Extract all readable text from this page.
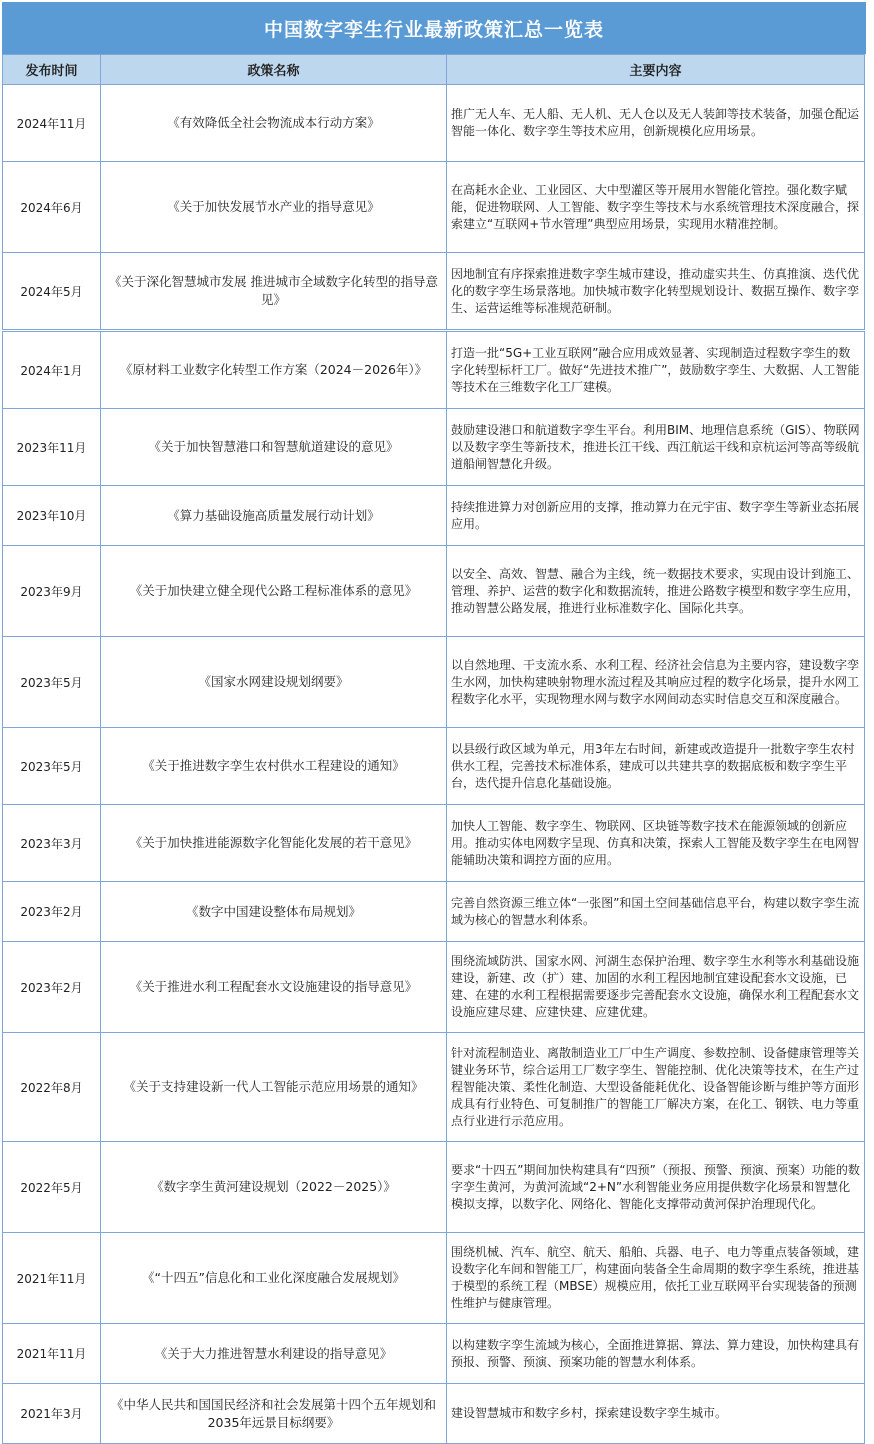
中国数字孪生行业最新政策汇总一览表
发布时间	政策名称	主要内容
2024年11月	《有效降低全社会物流成本行动方案》	推广无人车、无人船、无人机、无人仓以及无人装卸等技术装备，加强仓配运智能一体化、数字孪生等技术应用，创新规模化应用场景。
2024年6月	《关于加快发展节水产业的指导意见》	在高耗水企业、工业园区、大中型灌区等开展用水智能化管控。强化数字赋能，促进物联网、人工智能、数字孪生等技术与水系统管理技术深度融合，探索建立“互联网+节水管理”典型应用场景，实现用水精准控制。
2024年5月	《关于深化智慧城市发展 推进城市全域数字化转型的指导意见》	因地制宜有序探索推进数字孪生城市建设，推动虚实共生、仿真推演、迭代优化的数字孪生场景落地。加快城市数字化转型规划设计、数据互操作、数字孪生、运营运维等标准规范研制。
2024年1月	《原材料工业数字化转型工作方案（2024－2026年）》	打造一批“5G+工业互联网”融合应用成效显著、实现制造过程数字孪生的数字化转型标杆工厂。做好“先进技术推广”，鼓励数字孪生、大数据、人工智能等技术在三维数字化工厂建模。
2023年11月	《关于加快智慧港口和智慧航道建设的意见》	鼓励建设港口和航道数字孪生平台。利用BIM、地理信息系统（GIS）、物联网以及数字孪生等新技术，推进长江干线、西江航运干线和京杭运河等高等级航道船闸智慧化升级。
2023年10月	《算力基础设施高质量发展行动计划》	持续推进算力对创新应用的支撑，推动算力在元宇宙、数字孪生等新业态拓展应用。
2023年9月	《关于加快建立健全现代公路工程标准体系的意见》	以安全、高效、智慧、融合为主线，统一数据技术要求，实现由设计到施工、管理、养护、运营的数字化和数据流转，推进公路数字模型和数字孪生应用，推动智慧公路发展，推进行业标准数字化、国际化共享。
2023年5月	《国家水网建设规划纲要》	以自然地理、干支流水系、水利工程、经济社会信息为主要内容，建设数字孪生水网，加快构建映射物理水流过程及其响应过程的数字化场景，提升水网工程数字化水平，实现物理水网与数字水网间动态实时信息交互和深度融合。
2023年5月	《关于推进数字孪生农村供水工程建设的通知》	以县级行政区域为单元，用3年左右时间，新建或改造提升一批数字孪生农村供水工程，完善技术标准体系，建成可以共建共享的数据底板和数字孪生平台，迭代提升信息化基础设施。
2023年3月	《关于加快推进能源数字化智能化发展的若干意见》	加快人工智能、数字孪生、物联网、区块链等数字技术在能源领域的创新应用。推动实体电网数字呈现、仿真和决策，探索人工智能及数字孪生在电网智能辅助决策和调控方面的应用。
2023年2月	《数字中国建设整体布局规划》	完善自然资源三维立体“一张图”和国土空间基础信息平台，构建以数字孪生流域为核心的智慧水利体系。
2023年2月	《关于推进水利工程配套水文设施建设的指导意见》	围绕流域防洪、国家水网、河湖生态保护治理、数字孪生水利等水利基础设施建设，新建、改（扩）建、加固的水利工程因地制宜建设配套水文设施，已建、在建的水利工程根据需要逐步完善配套水文设施，确保水利工程配套水文设施应建尽建、应建快建、应建优建。
2022年8月	《关于支持建设新一代人工智能示范应用场景的通知》	针对流程制造业、离散制造业工厂中生产调度、参数控制、设备健康管理等关键业务环节，综合运用工厂数字孪生、智能控制、优化决策等技术，在生产过程智能决策、柔性化制造、大型设备能耗优化、设备智能诊断与维护等方面形成具有行业特色、可复制推广的智能工厂解决方案，在化工、钢铁、电力等重点行业进行示范应用。
2022年5月	《数字孪生黄河建设规划（2022－2025）》	要求“十四五”期间加快构建具有“四预”（预报、预警、预演、预案）功能的数字孪生黄河，为黄河流域“2+N”水利智能业务应用提供数字化场景和智慧化模拟支撑，以数字化、网络化、智能化支撑带动黄河保护治理现代化。
2021年11月	《“十四五”信息化和工业化深度融合发展规划》	围绕机械、汽车、航空、航天、船舶、兵器、电子、电力等重点装备领域，建设数字化车间和智能工厂，构建面向装备全生命周期的数字孪生系统，推进基于模型的系统工程（MBSE）规模应用，依托工业互联网平台实现装备的预测性维护与健康管理。
2021年11月	《关于大力推进智慧水利建设的指导意见》	以构建数字孪生流域为核心，全面推进算据、算法、算力建设，加快构建具有预报、预警、预演、预案功能的智慧水利体系。
2021年3月	《中华人民共和国国民经济和社会发展第十四个五年规划和2035年远景目标纲要》	建设智慧城市和数字乡村，探索建设数字孪生城市。
